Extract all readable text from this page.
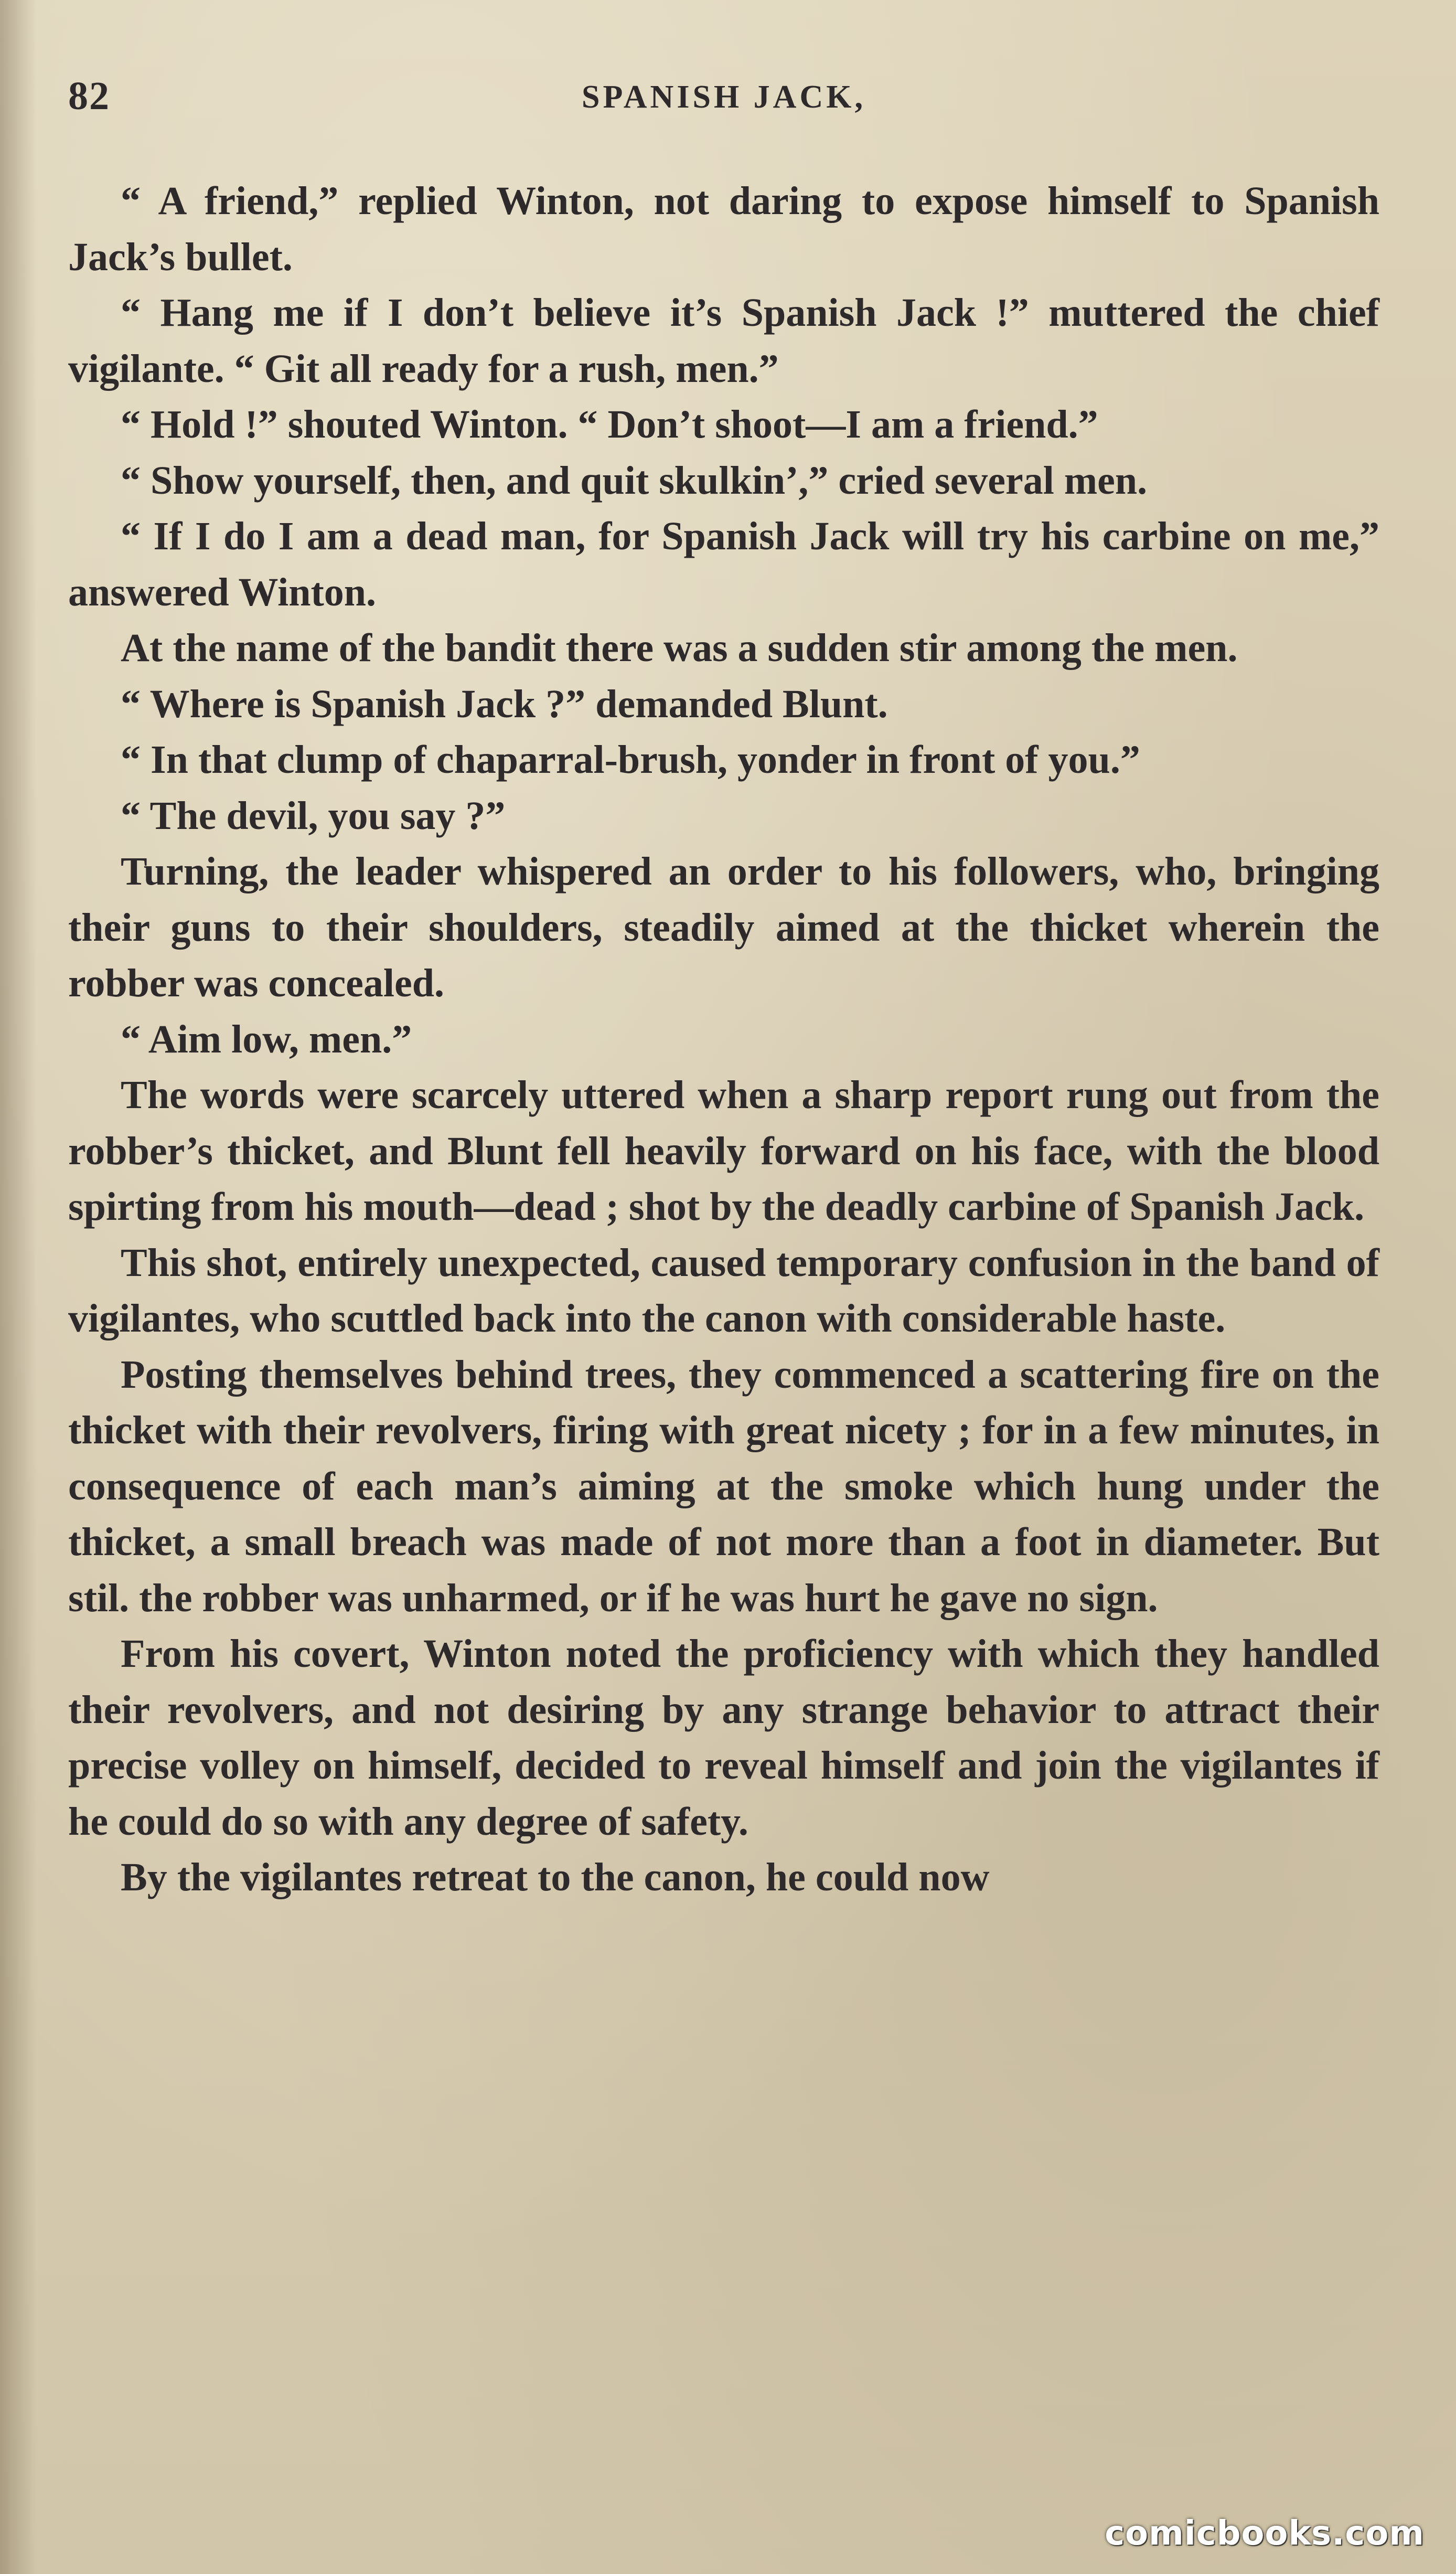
82	SPANISH JACK,

“ A friend,” replied Winton, not daring to expose himself to Spanish Jack’s bullet.

“ Hang me if I don’t believe it’s Spanish Jack !” muttered the chief vigilante. “ Git all ready for a rush, men.”

“ Hold !” shouted Winton. “ Don’t shoot—I am a friend.”

“ Show yourself, then, and quit skulkin’,” cried several men.

“ If I do I am a dead man, for Spanish Jack will try his carbine on me,” answered Winton.

At the name of the bandit there was a sudden stir among the men.

“ Where is Spanish Jack ?” demanded Blunt.

“ In that clump of chaparral-brush, yonder in front of you.”

“ The devil, you say ?”

Turning, the leader whispered an order to his followers, who, bringing their guns to their shoulders, steadily aimed at the thicket wherein the robber was concealed.

“ Aim low, men.”

The words were scarcely uttered when a sharp report rung out from the robber’s thicket, and Blunt fell heavily forward on his face, with the blood spirting from his mouth—dead ; shot by the deadly carbine of Spanish Jack.

This shot, entirely unexpected, caused temporary confusion in the band of vigilantes, who scuttled back into the canon with considerable haste.

Posting themselves behind trees, they commenced a scattering fire on the thicket with their revolvers, firing with great nicety ; for in a few minutes, in consequence of each man’s aiming at the smoke which hung under the thicket, a small breach was made of not more than a foot in diameter. But stil. the robber was unharmed, or if he was hurt he gave no sign.

From his covert, Winton noted the proficiency with which they handled their revolvers, and not desiring by any strange behavior to attract their precise volley on himself, decided to reveal himself and join the vigilantes if he could do so with any degree of safety.

By the vigilantes retreat to the canon, he could now

comicbooks.com
